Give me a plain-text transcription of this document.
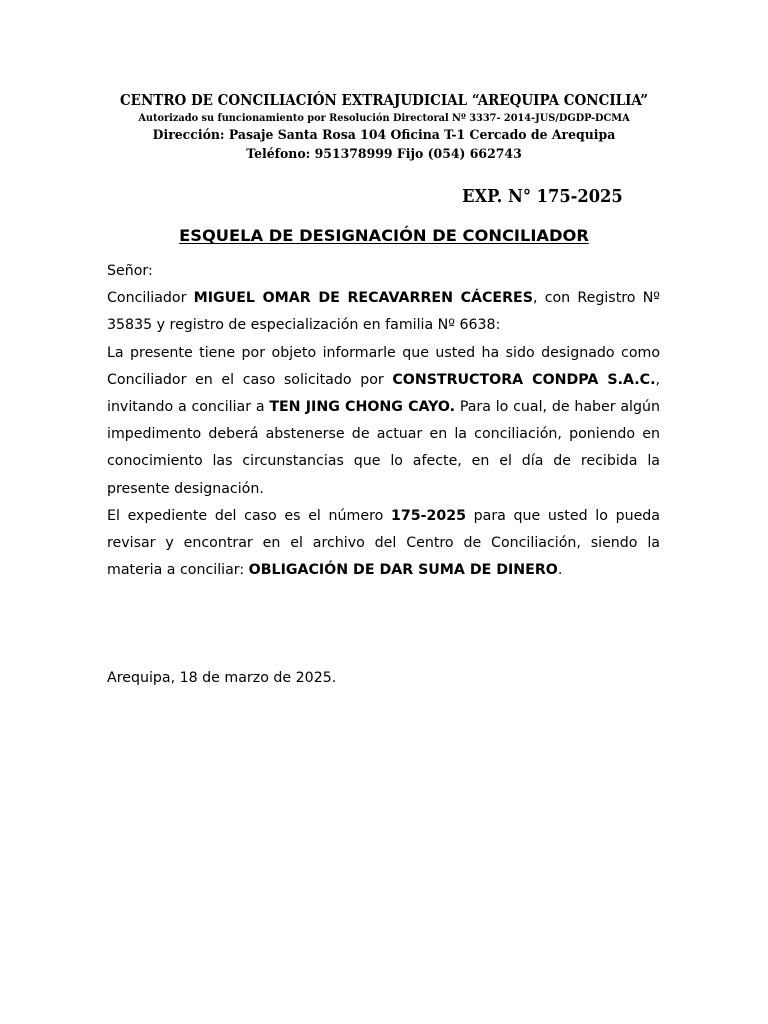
CENTRO DE CONCILIACIÓN EXTRAJUDICIAL “AREQUIPA CONCILIA”
Autorizado su funcionamiento por Resolución Directoral Nº 3337- 2014-JUS/DGDP-DCMA
Dirección: Pasaje Santa Rosa 104 Oficina T-1 Cercado de Arequipa
Teléfono: 951378999 Fijo (054) 662743
EXP. N° 175-2025
ESQUELA DE DESIGNACIÓN DE CONCILIADOR

Señor:

Conciliador MIGUEL OMAR DE RECAVARREN CÁCERES, con Registro Nº 35835 y registro de especialización en familia Nº 6638:

La presente tiene por objeto informarle que usted ha sido designado como Conciliador en el caso solicitado por CONSTRUCTORA CONDPA S.A.C., invitando a conciliar a TEN JING CHONG CAYO. Para lo cual, de haber algún impedimento deberá abstenerse de actuar en la conciliación, poniendo en conocimiento las circunstancias que lo afecte, en el día de recibida la presente designación.

El expediente del caso es el número 175-2025 para que usted lo pueda revisar y encontrar en el archivo del Centro de Conciliación, siendo la materia a conciliar: OBLIGACIÓN DE DAR SUMA DE DINERO.

Arequipa, 18 de marzo de 2025.
